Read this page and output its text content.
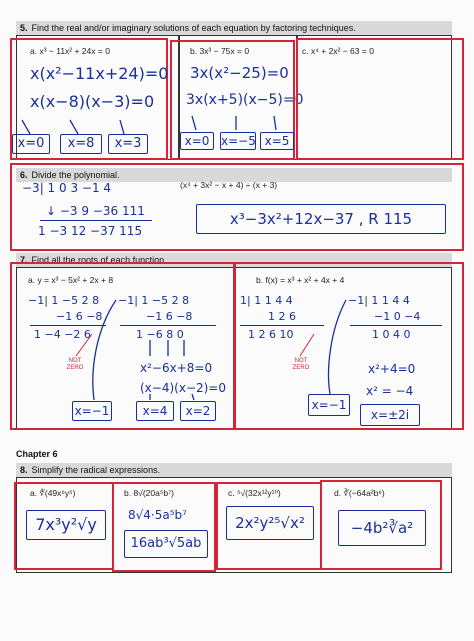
5. Find the real and/or imaginary solutions of each equation by factoring techniques.
a. x³ − 11x² + 24x = 0	b. 3x³ − 75x = 0	c. x⁴ + 2x² − 63 = 0
x(x²−11x+24)=0
x(x−8)(x−3)=0
x=0	x=8	x=3
3x(x²−25)=0
3x(x+5)(x−5)=0
x=0 x=−5 x=5
6. Divide the polynomial.
(x⁴ + 3x² − x + 4) ÷ (x + 3)
−3| 1 0 3 −1 4
↓ −3 9 −36 111
1 −3 12 −37 115
x³−3x²+12x−37 , R 115
7. Find all the roots of each function.
a. y = x³ − 5x² + 2x + 8	b. f(x) = x³ + x² + 4x + 4
−1| 1 −5 2 8
−1 6 −8
1 −4 −2 6
NOT
ZERO
−1| 1 −5 2 8
−1 6 −8
1 −6 8 0
x²−6x+8=0
(x−4)(x−2)=0
x=−1	x=4	x=2
1| 1 1 4 4
1 2 6
1 2 6 10
NOT
ZERO
−1| 1 1 4 4
−1 0 −4
1 0 4 0
x²+4=0
x² = −4
x=−1
x=±2i
Chapter 6
8. Simplify the radical expressions.
a. ∜(49x⁶y⁵)	b. 8√(20a⁵b⁷)	c. ⁵√(32x¹²y¹⁰)	d. ∛(−64a²b⁶)
7x³y²√y	8√4·5a⁵b⁷
16ab³√5ab
2x²y²⁵√x²	−4b²∛a²
